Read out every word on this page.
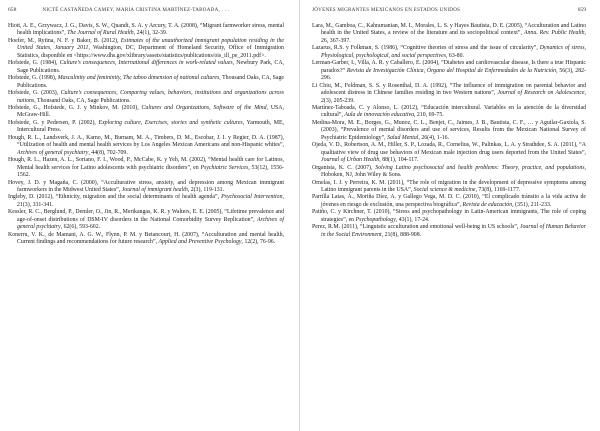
658	NICTÉ CASTAÑEDA CAMEY, MARIA CRISTINA MARTÍNEZ-TABOADA, . . .

Hiott, A. E., Grzywacz, J. G., Davis, S. W., Quandt, S. A. y Arcury, T. A. (2008), “Migrant farmworker stress, mental health implications”, The Journal of Rural Health, 24(1), 32-39.

Hoefer, M., Rytina, N. F. y Baker, B. (2012), Estimates of the unauthorized immigrant population residing in the United States, January 2011, Washington, DC, Department of Homeland Security, Office of Immigration Statistics, disponible en <https://www.dhs.gov/xlibrary/assets/statistics/publications/ois_ill_pe_2011.pdf>.

Hofstede, G. (1984), Culture’s consequences, International differences in work-related values, Newbury Park, CA, Sage Publications.

Hofstede, G. (1998), Masculinity and femininity, The taboo dimension of national cultures, Thousand Oaks, CA, Sage Publications.

Hofstede, G. (2003), Culture’s consequences, Comparing values, behaviors, institutions and organizations across nations, Thousand Oaks, CA, Sage Publications.

Hofstede, G., Hofstede, G. J. y Minkov, M. (2010), Cultures and Organizations, Software of the Mind, USA, McGraw-Hill.

Hofstede, G. y Pedersen, P. (2002), Exploring culture, Exercises, stories and synthetic cultures, Yarmouth, ME, Intercultural Press.

Hough, R. L., Landsverk, J. A., Karno, M., Burnam, M. A., Timbers, D. M., Escobar, J. I. y Regier, D. A. (1987), “Utilization of health and mental health services by Los Angeles Mexican Americans and non-Hispanic whites”, Archives of general psychiatry, 44(8), 702-709.

Hough, R. L., Hazen, A. L., Soriano, F. I., Wood, P., McCabe, K. y Yeh, M. (2002), “Mental health care for Latinos, Mental health services for Latino adolescents with psychiatric disorders”, en Psychiatric Services, 53(12), 1556-1562.

Hovey, J. D. y Magaña, C. (2000), “Acculturative stress, anxiety, and depression among Mexican immigrant farmworkers in the Midwest United States”, Journal of immigrant health, 2(3), 119-131.

Ingleby, D. (2012), “Ethnicity, migration and the social determinants of health agenda”, Psychosocial Intervention, 21(3), 331-341.

Kessler, R. C., Berglund, P., Demler, O., Jin, R., Merikangas, K. R. y Walters, E. E. (2005), “Lifetime prevalence and age-of-onset distributions of DSM-IV disorders in the National Comorbidity Survey Replication”, Archives of general psychiatry, 62(6), 593-602.

Konerru, V. K., de Mamani, A. G. W., Flynn, P. M. y Betancourt, H. (2007), “Acculturation and mental health, Current findings and recommendations for future research”, Applied and Preventive Psychology, 12(2), 76-96.

JÓVENES MIGRANTES MEXICANOS EN ESTADOS UNIDOS	659

Lara, M., Gamboa, C., Kahramanian, M. I., Morales, L. S. y Hayes Bautista, D. E. (2005), “Acculturation and Latino health in the United States, a review of the literature and its sociopolitical context”, Annu. Rev. Public Health, 26, 367-397.

Lazarus, R.S. y Folkman, S. (1986), “Cognitive theories of stress and the issue of circularity”, Dynamics of stress, Physiological, psychological, and social perspectives, 63-80.

Lerman-Garber, I., Villa, A. R. y Caballero, E. (2004), “Diabetes and cardiovascular disease, Is there a true Hispanic paradox?” Revista de Investigación Clínica, Órgano del Hospital de Enfermedades de la Nutrición, 56(3), 282-296.

Li Chiu, M., Feldman, S. S. y Rosenthal, D. A. (1992), “The influence of immigration on parental behavior and adolescent distress in Chinese families residing in two Western nations”, Journal of Research on Adolescence, 2(3), 205-239.

Martínez-Taboada, C. y Alonso, L. (2012), “Educación intercultural. Variables en la atención de la diversidad cultural”, Aula de innovación educativa, 210, 69-75.

Medina-Mora, M. E., Borges, G., Munoz, C. L., Benjet, C., Jaimes, J. B., Bautista, C. F., … y Aguilar-Gaxiola, S. (2003), “Prevalence of mental disorders and use of services, Results from the Mexican National Survey of Psychiatric Epidemiology”, Salud Mental, 26(4), 1-16.

Ojeda, V. D., Robertson, A. M., Hiller, S. P., Lozada, R., Cornelius, W., Palinkas, L. A. y Strathdee, S. A. (2011), “A qualitative view of drug use behaviors of Mexican male injection drug users deported from the United States”, Journal of Urban Health, 88(1), 104-117.

Organista, K. C. (2007), Solving Latino psychosocial and health problems: Theory, practice, and populations, Hoboken, NJ, John Wiley & Sons.

Ornelas, I. J. y Perreira, K. M. (2011), “The role of migration in the development of depressive symptoms among Latino immigrant parents in the USA”, Social science & medicine, 73(8), 1169-1177.

Parrilla Latas, Á., Moriña Díez, A. y Gallego Vega, M. D. C. (2010), “El complicado tránsito a la vida activa de jóvenes en riesgo de exclusión, una perspectiva biográfica”, Revista de educación, (351), 211-233.

Patiño, C. y Kirchner, T. (2010), “Stress and psychopathology in Latin-American immigrants, The role of coping strategies”, en Psychopathology, 43(1), 17-24.

Perez, R.M. (2011), “Linguistic acculturation and emotional well-being in US schools”, Journal of Human Behavior in the Social Environment, 21(8), 888-908.
